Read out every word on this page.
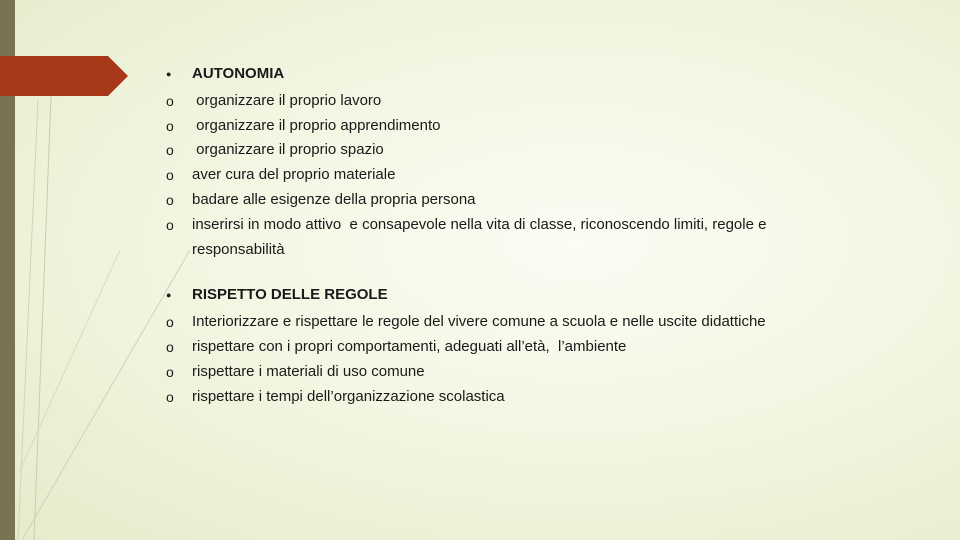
●
AUTONOMIA
o
organizzare il proprio lavoro
o
organizzare il proprio apprendimento
o
organizzare il proprio spazio
o
aver cura del proprio materiale
o
badare alle esigenze della propria persona
o
inserirsi in modo attivo  e consapevole nella vita di classe, riconoscendo limiti, regole e responsabilità
●
RISPETTO DELLE REGOLE
o
Interiorizzare e rispettare le regole del vivere comune a scuola e nelle uscite didattiche
o
rispettare con i propri comportamenti, adeguati all’età,  l’ambiente
o
rispettare i materiali di uso comune
o
rispettare i tempi dell’organizzazione scolastica
